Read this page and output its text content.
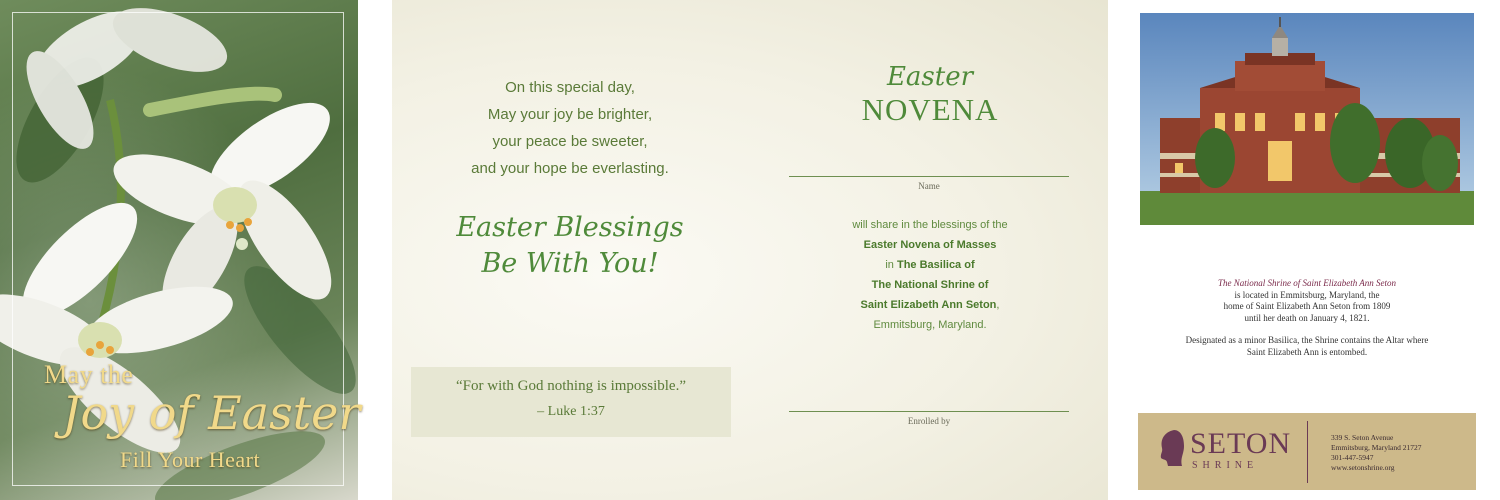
May the
Joy of Easter
Fill Your Heart
On this special day,
May your joy be brighter,
your peace be sweeter,
and your hope be everlasting.
Easter Blessings
Be With You!
“For with God nothing is impossible.”
– Luke 1:37
Easter
NOVENA
Name
will share in the blessings of the
Easter Novena of Masses
in The Basilica of
The National Shrine of
Saint Elizabeth Ann Seton,
Emmitsburg, Maryland.
Enrolled by
The National Shrine of Saint Elizabeth Ann Seton
is located in Emmitsburg, Maryland, the
home of Saint Elizabeth Ann Seton from 1809
until her death on January 4, 1821.
Designated as a minor Basilica, the Shrine contains the Altar where
Saint Elizabeth Ann is entombed.
SETON
SHRINE
339 S. Seton Avenue
Emmitsburg, Maryland 21727
301-447-5947
www.setonshrine.org
